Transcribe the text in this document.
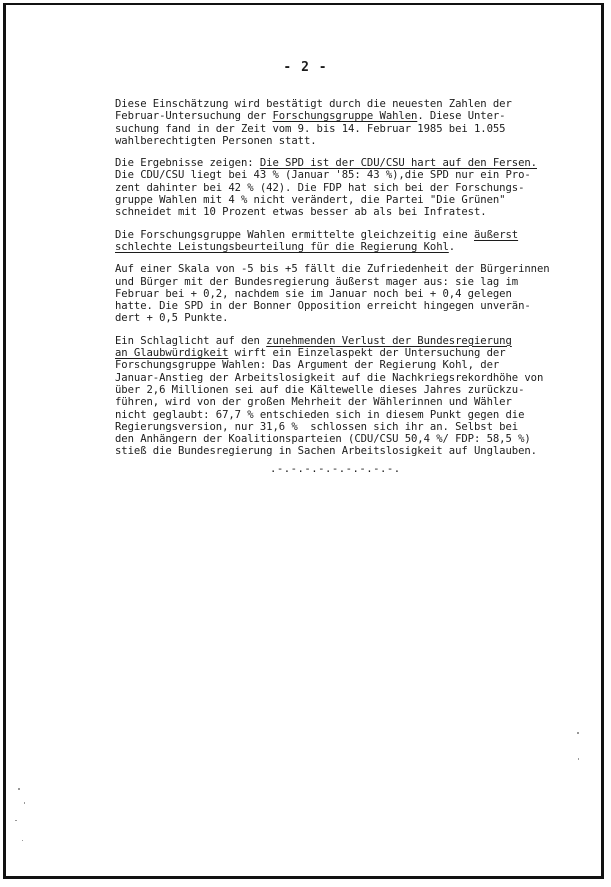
- 2 -
Diese Einschätzung wird bestätigt durch die neuesten Zahlen der
Februar-Untersuchung der Forschungsgruppe Wahlen. Diese Unter-
suchung fand in der Zeit vom 9. bis 14. Februar 1985 bei 1.055
wahlberechtigten Personen statt.
Die Ergebnisse zeigen: Die SPD ist der CDU/CSU hart auf den Fersen.
Die CDU/CSU liegt bei 43 % (Januar '85: 43 %),die SPD nur ein Pro-
zent dahinter bei 42 % (42). Die FDP hat sich bei der Forschungs-
gruppe Wahlen mit 4 % nicht verändert, die Partei "Die Grünen"
schneidet mit 10 Prozent etwas besser ab als bei Infratest.
Die Forschungsgruppe Wahlen ermittelte gleichzeitig eine äußerst
schlechte Leistungsbeurteilung für die Regierung Kohl.
Auf einer Skala von -5 bis +5 fällt die Zufriedenheit der Bürgerinnen
und Bürger mit der Bundesregierung äußerst mager aus: sie lag im
Februar bei + 0,2, nachdem sie im Januar noch bei + 0,4 gelegen
hatte. Die SPD in der Bonner Opposition erreicht hingegen unverän-
dert + 0,5 Punkte.
Ein Schlaglicht auf den zunehmenden Verlust der Bundesregierung
an Glaubwürdigkeit wirft ein Einzelaspekt der Untersuchung der
Forschungsgruppe Wahlen: Das Argument der Regierung Kohl, der
Januar-Anstieg der Arbeitslosigkeit auf die Nachkriegsrekordhöhe von
über 2,6 Millionen sei auf die Kältewelle dieses Jahres zurückzu-
führen, wird von der großen Mehrheit der Wählerinnen und Wähler
nicht geglaubt: 67,7 % entschieden sich in diesem Punkt gegen die
Regierungsversion, nur 31,6 %  schlossen sich ihr an. Selbst bei
den Anhängern der Koalitionsparteien (CDU/CSU 50,4 %/ FDP: 58,5 %)
stieß die Bundesregierung in Sachen Arbeitslosigkeit auf Unglauben.
.-.-.-.-.-.-.-.-.-.
